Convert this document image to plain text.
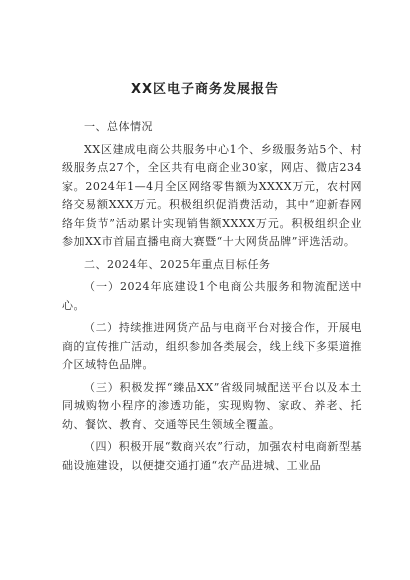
XX区电子商务发展报告
一、总体情况

XX区建成电商公共服务中心1个、乡级服务站5个、村级服务点27个，全区共有电商企业30家，网店、微店234家。2024年1—4月全区网络零售额为XXXX万元，农村网络交易额XXX万元。积极组织促消费活动，其中“迎新春网络年货节”活动累计实现销售额XXXX万元。积极组织企业参加XX市首届直播电商大赛暨“十大网货品牌”评选活动。

二、2024年、2025年重点目标任务

（一）2024年底建设1个电商公共服务和物流配送中心。

（二）持续推进网货产品与电商平台对接合作，开展电商的宣传推广活动，组织参加各类展会，线上线下多渠道推介区域特色品牌。

（三）积极发挥“臻品XX”省级同城配送平台以及本土同城购物小程序的渗透功能，实现购物、家政、养老、托幼、餐饮、教育、交通等民生领域全覆盖。

（四）积极开展“数商兴农”行动，加强农村电商新型基础设施建设，以便捷交通打通“农产品进城、工业品
